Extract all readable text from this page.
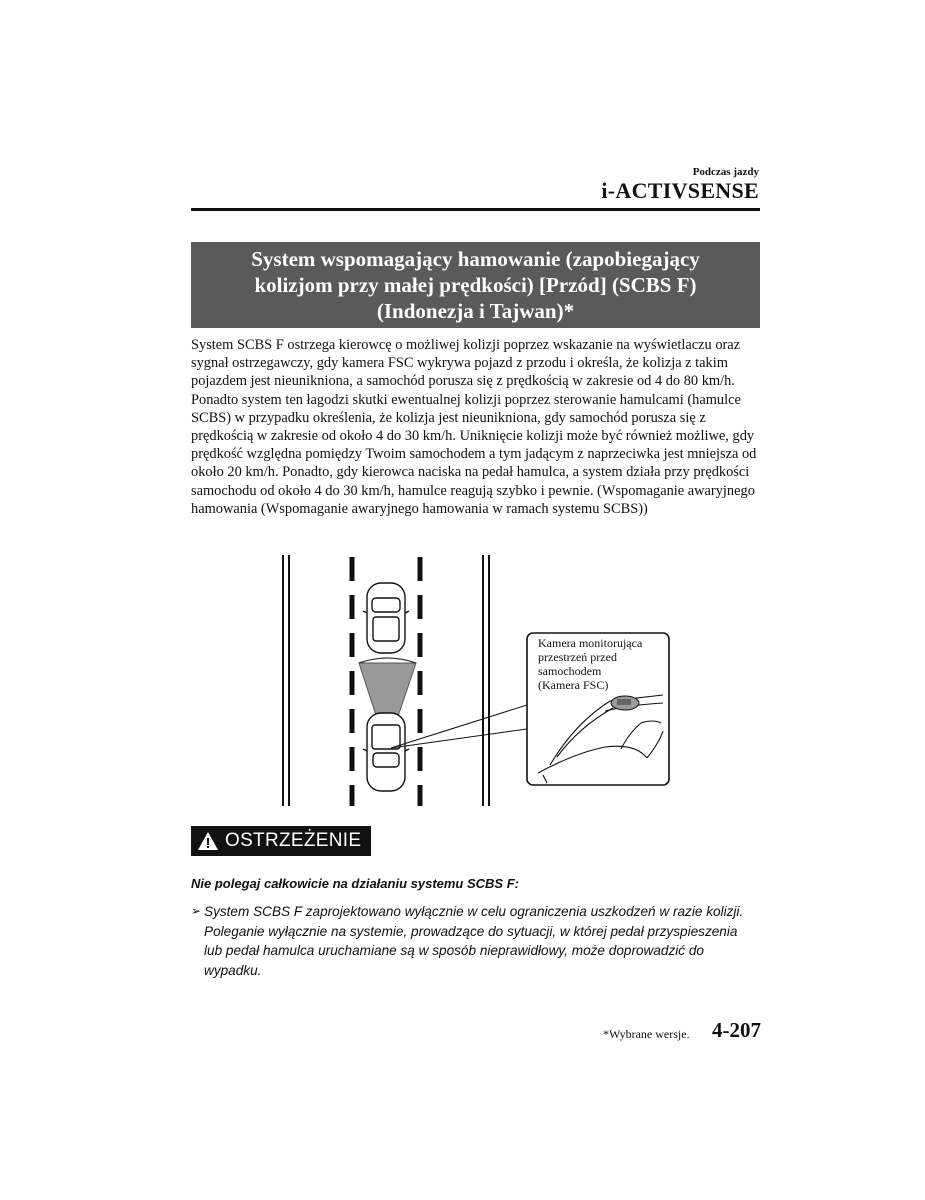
Podczas jazdy
i-ACTIVSENSE
System wspomagający hamowanie (zapobiegający
kolizjom przy małej prędkości) [Przód] (SCBS F)
(Indonezja i Tajwan)*

System SCBS F ostrzega kierowcę o możliwej kolizji poprzez wskazanie na wyświetlaczu oraz sygnał ostrzegawczy, gdy kamera FSC wykrywa pojazd z przodu i określa, że kolizja z takim pojazdem jest nieunikniona, a samochód porusza się z prędkością w zakresie od 4 do 80 km/h. Ponadto system ten łagodzi skutki ewentualnej kolizji poprzez sterowanie hamulcami (hamulce SCBS) w przypadku określenia, że kolizja jest nieunikniona, gdy samochód porusza się z prędkością w zakresie od około 4 do 30 km/h. Uniknięcie kolizji może być również możliwe, gdy prędkość względna pomiędzy Twoim samochodem a tym jadącym z naprzeciwka jest mniejsza od około 20 km/h. Ponadto, gdy kierowca naciska na pedał hamulca, a system działa przy prędkości samochodu od około 4 do 30 km/h, hamulce reagują szybko i pewnie. (Wspomaganie awaryjnego hamowania (Wspomaganie awaryjnego hamowania w ramach systemu SCBS))

Kamera monitorująca
przestrzeń przed
samochodem
(Kamera FSC)
OSTRZEŻENIE
Nie polegaj całkowicie na działaniu systemu SCBS F:
➢ System SCBS F zaprojektowano wyłącznie w celu ograniczenia uszkodzeń w razie kolizji. Poleganie wyłącznie na systemie, prowadzące do sytuacji, w której pedał przyspieszenia lub pedał hamulca uruchamiane są w sposób nieprawidłowy, może doprowadzić do wypadku.
*Wybrane wersje. 4-207
